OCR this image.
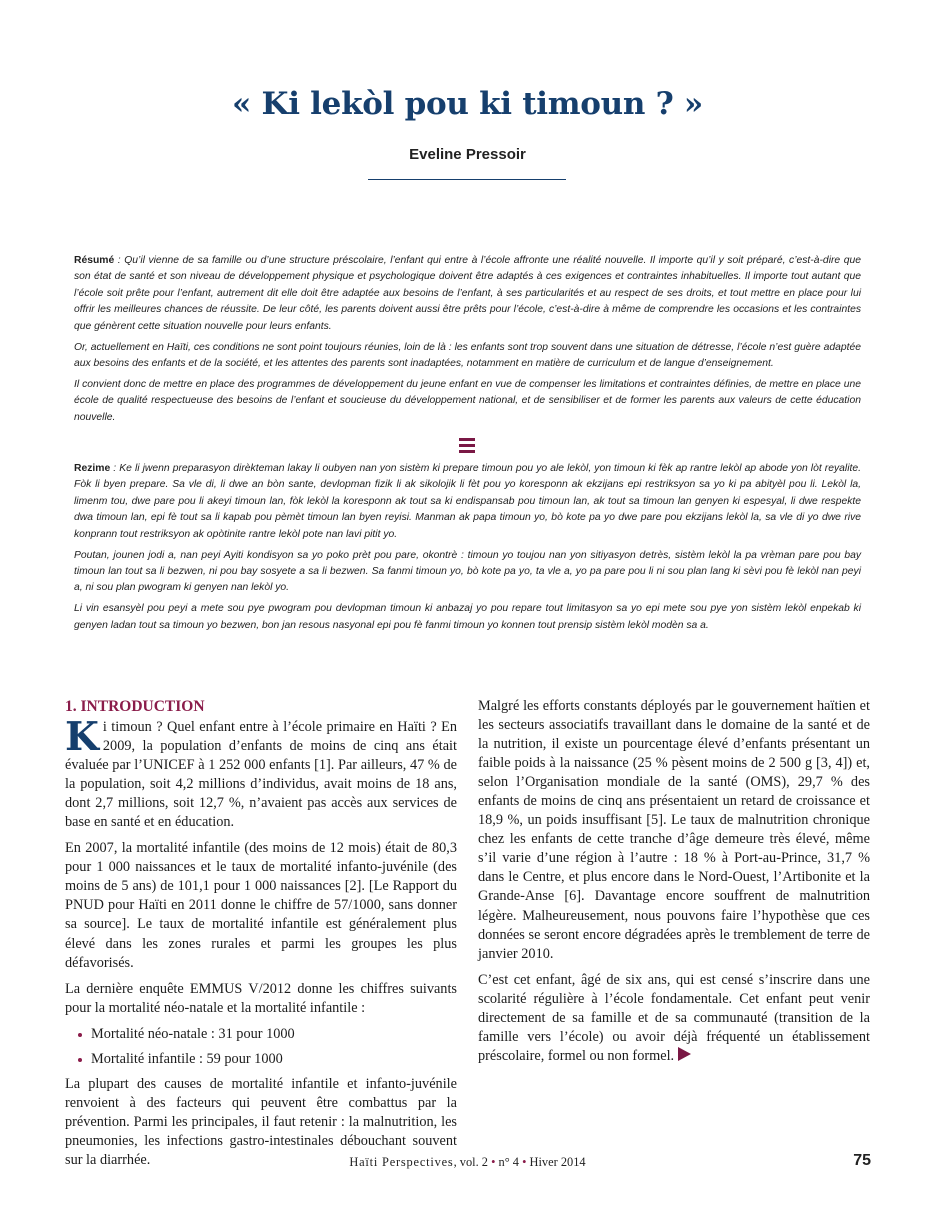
« Ki lekòl pou ki timoun ? »
Eveline Pressoir

Résumé : Qu’il vienne de sa famille ou d’une structure préscolaire, l’enfant qui entre à l’école affronte une réalité nouvelle. Il importe qu’il y soit préparé, c’est-à-dire que son état de santé et son niveau de développement physique et psychologique doivent être adaptés à ces exigences et contraintes inhabituelles. Il importe tout autant que l’école soit prête pour l’enfant, autrement dit elle doit être adaptée aux besoins de l’enfant, à ses particularités et au respect de ses droits, et tout mettre en place pour lui offrir les meilleures chances de réussite. De leur côté, les parents doivent aussi être prêts pour l’école, c’est-à-dire à même de comprendre les occasions et les contraintes que génèrent cette situation nouvelle pour leurs enfants.

Or, actuellement en Haïti, ces conditions ne sont point toujours réunies, loin de là : les enfants sont trop souvent dans une situation de détresse, l’école n’est guère adaptée aux besoins des enfants et de la société, et les attentes des parents sont inadaptées, notamment en matière de curriculum et de langue d’enseignement.

Il convient donc de mettre en place des programmes de développement du jeune enfant en vue de compenser les limitations et contraintes définies, de mettre en place une école de qualité respectueuse des besoins de l’enfant et soucieuse du développement national, et de sensibiliser et de former les parents aux valeurs de cette éducation nouvelle.

Rezime : Ke li jwenn preparasyon dirèkteman lakay li oubyen nan yon sistèm ki prepare timoun pou yo ale lekòl, yon timoun ki fèk ap rantre lekòl ap abode yon lòt reyalite. Fòk li byen prepare. Sa vle di, li dwe an bòn sante, devlopman fizik li ak sikolojik li fèt pou yo koresponn ak ekzijans epi restriksyon sa yo ki pa abityèl pou li. Lekòl la, limenm tou, dwe pare pou li akeyi timoun lan, fòk lekòl la koresponn ak tout sa ki endispansab pou timoun lan, ak tout sa timoun lan genyen ki espesyal, li dwe respekte dwa timoun lan, epi fè tout sa li kapab pou pèmèt timoun lan byen reyisi. Manman ak papa timoun yo, bò kote pa yo dwe pare pou ekzijans lekòl la, sa vle di yo dwe rive konprann tout restriksyon ak opòtinite rantre lekòl pote nan lavi pitit yo.

Poutan, jounen jodi a, nan peyi Ayiti kondisyon sa yo poko prèt pou pare, okontrè : timoun yo toujou nan yon sitiyasyon detrès, sistèm lekòl la pa vrèman pare pou bay timoun lan tout sa li bezwen, ni pou bay sosyete a sa li bezwen. Sa fanmi timoun yo, bò kote pa yo, ta vle a, yo pa pare pou li ni sou plan lang ki sèvi pou fè lekòl nan peyi a, ni sou plan pwogram ki genyen nan lekòl yo.

Li vin esansyèl pou peyi a mete sou pye pwogram pou devlopman timoun ki anbazaj yo pou repare tout limitasyon sa yo epi mete sou pye yon sistèm lekòl enpekab ki genyen ladan tout sa timoun yo bezwen, bon jan resous nasyonal epi pou fè fanmi timoun yo konnen tout prensip sistèm lekòl modèn sa a.

1. INTRODUCTION

Ki timoun ? Quel enfant entre à l’école primaire en Haïti ? En 2009, la population d’enfants de moins de cinq ans était évaluée par l’UNICEF à 1 252 000 enfants [1]. Par ailleurs, 47 % de la population, soit 4,2 millions d’individus, avait moins de 18 ans, dont 2,7 millions, soit 12,7 %, n’avaient pas accès aux services de base en santé et en éducation.

En 2007, la mortalité infantile (des moins de 12 mois) était de 80,3 pour 1 000 naissances et le taux de mortalité infanto-juvénile (des moins de 5 ans) de 101,1 pour 1 000 naissances [2]. [Le Rapport du PNUD pour Haïti en 2011 donne le chiffre de 57/1000, sans donner sa source]. Le taux de mortalité infantile est généralement plus élevé dans les zones rurales et parmi les groupes les plus défavorisés.

La dernière enquête EMMUS V/2012 donne les chiffres suivants pour la mortalité néo-natale et la mortalité infantile :

Mortalité néo-natale : 31 pour 1000
Mortalité infantile : 59 pour 1000

La plupart des causes de mortalité infantile et infanto-juvénile renvoient à des facteurs qui peuvent être combattus par la prévention. Parmi les principales, il faut retenir : la malnutrition, les pneumonies, les infections gastro-intestinales débouchant souvent sur la diarrhée.

Malgré les efforts constants déployés par le gouvernement haïtien et les secteurs associatifs travaillant dans le domaine de la santé et de la nutrition, il existe un pourcentage élevé d’enfants présentant un faible poids à la naissance (25 % pèsent moins de 2 500 g [3, 4]) et, selon l’Organisation mondiale de la santé (OMS), 29,7 % des enfants de moins de cinq ans présentaient un retard de croissance et 18,9 %, un poids insuffisant [5]. Le taux de malnutrition chronique chez les enfants de cette tranche d’âge demeure très élevé, même s’il varie d’une région à l’autre : 18 % à Port-au-Prince, 31,7 % dans le Centre, et plus encore dans le Nord-Ouest, l’Artibonite et la Grande-Anse [6]. Davantage encore souffrent de malnutrition légère. Malheureusement, nous pouvons faire l’hypothèse que ces données se seront encore dégradées après le tremblement de terre de janvier 2010.

C’est cet enfant, âgé de six ans, qui est censé s’inscrire dans une scolarité régulière à l’école fondamentale. Cet enfant peut venir directement de sa famille et de sa communauté (transition de la famille vers l’école) ou avoir déjà fréquenté un établissement préscolaire, formel ou non formel.

Haïti Perspectives, vol. 2 • n° 4 • Hiver 2014	75
